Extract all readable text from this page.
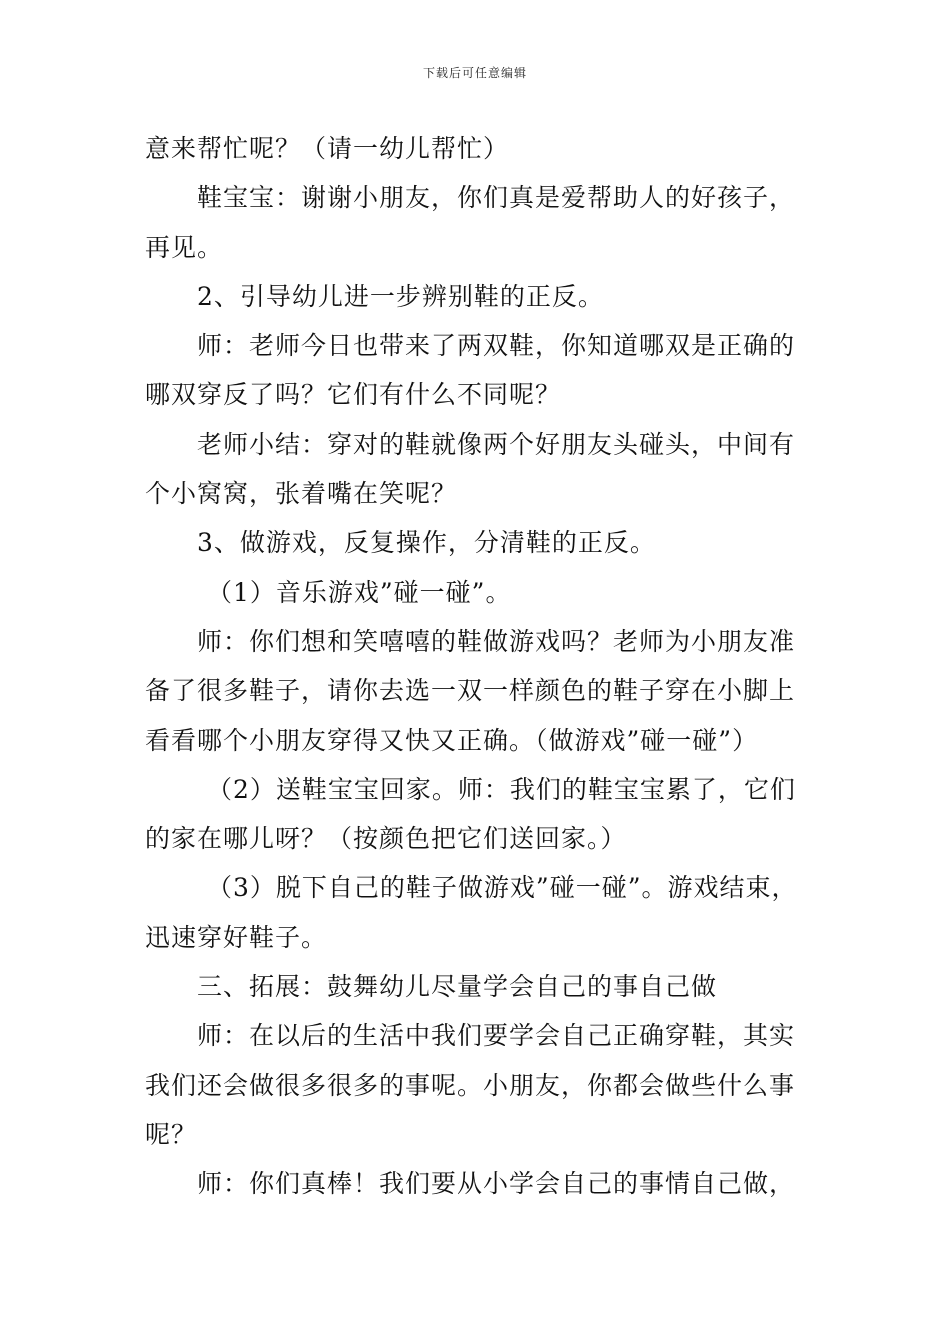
下载后可任意编辑

意来帮忙呢？（请一幼儿帮忙）

鞋宝宝：谢谢小朋友，你们真是爱帮助人的好孩子，再见。

2、引导幼儿进一步辨别鞋的正反。

师：老师今日也带来了两双鞋，你知道哪双是正确的哪双穿反了吗？它们有什么不同呢？

老师小结：穿对的鞋就像两个好朋友头碰头，中间有个小窝窝，张着嘴在笑呢？

3、做游戏，反复操作，分清鞋的正反。

（1）音乐游戏”碰一碰”。

师：你们想和笑嘻嘻的鞋做游戏吗？老师为小朋友准备了很多鞋子，请你去选一双一样颜色的鞋子穿在小脚上看看哪个小朋友穿得又快又正确。（做游戏”碰一碰”）

（2）送鞋宝宝回家。师：我们的鞋宝宝累了，它们的家在哪儿呀？（按颜色把它们送回家。）

（3）脱下自己的鞋子做游戏”碰一碰”。游戏结束，迅速穿好鞋子。

三、拓展：鼓舞幼儿尽量学会自己的事自己做

师：在以后的生活中我们要学会自己正确穿鞋，其实我们还会做很多很多的事呢。小朋友，你都会做些什么事呢？

师：你们真棒！我们要从小学会自己的事情自己做，
